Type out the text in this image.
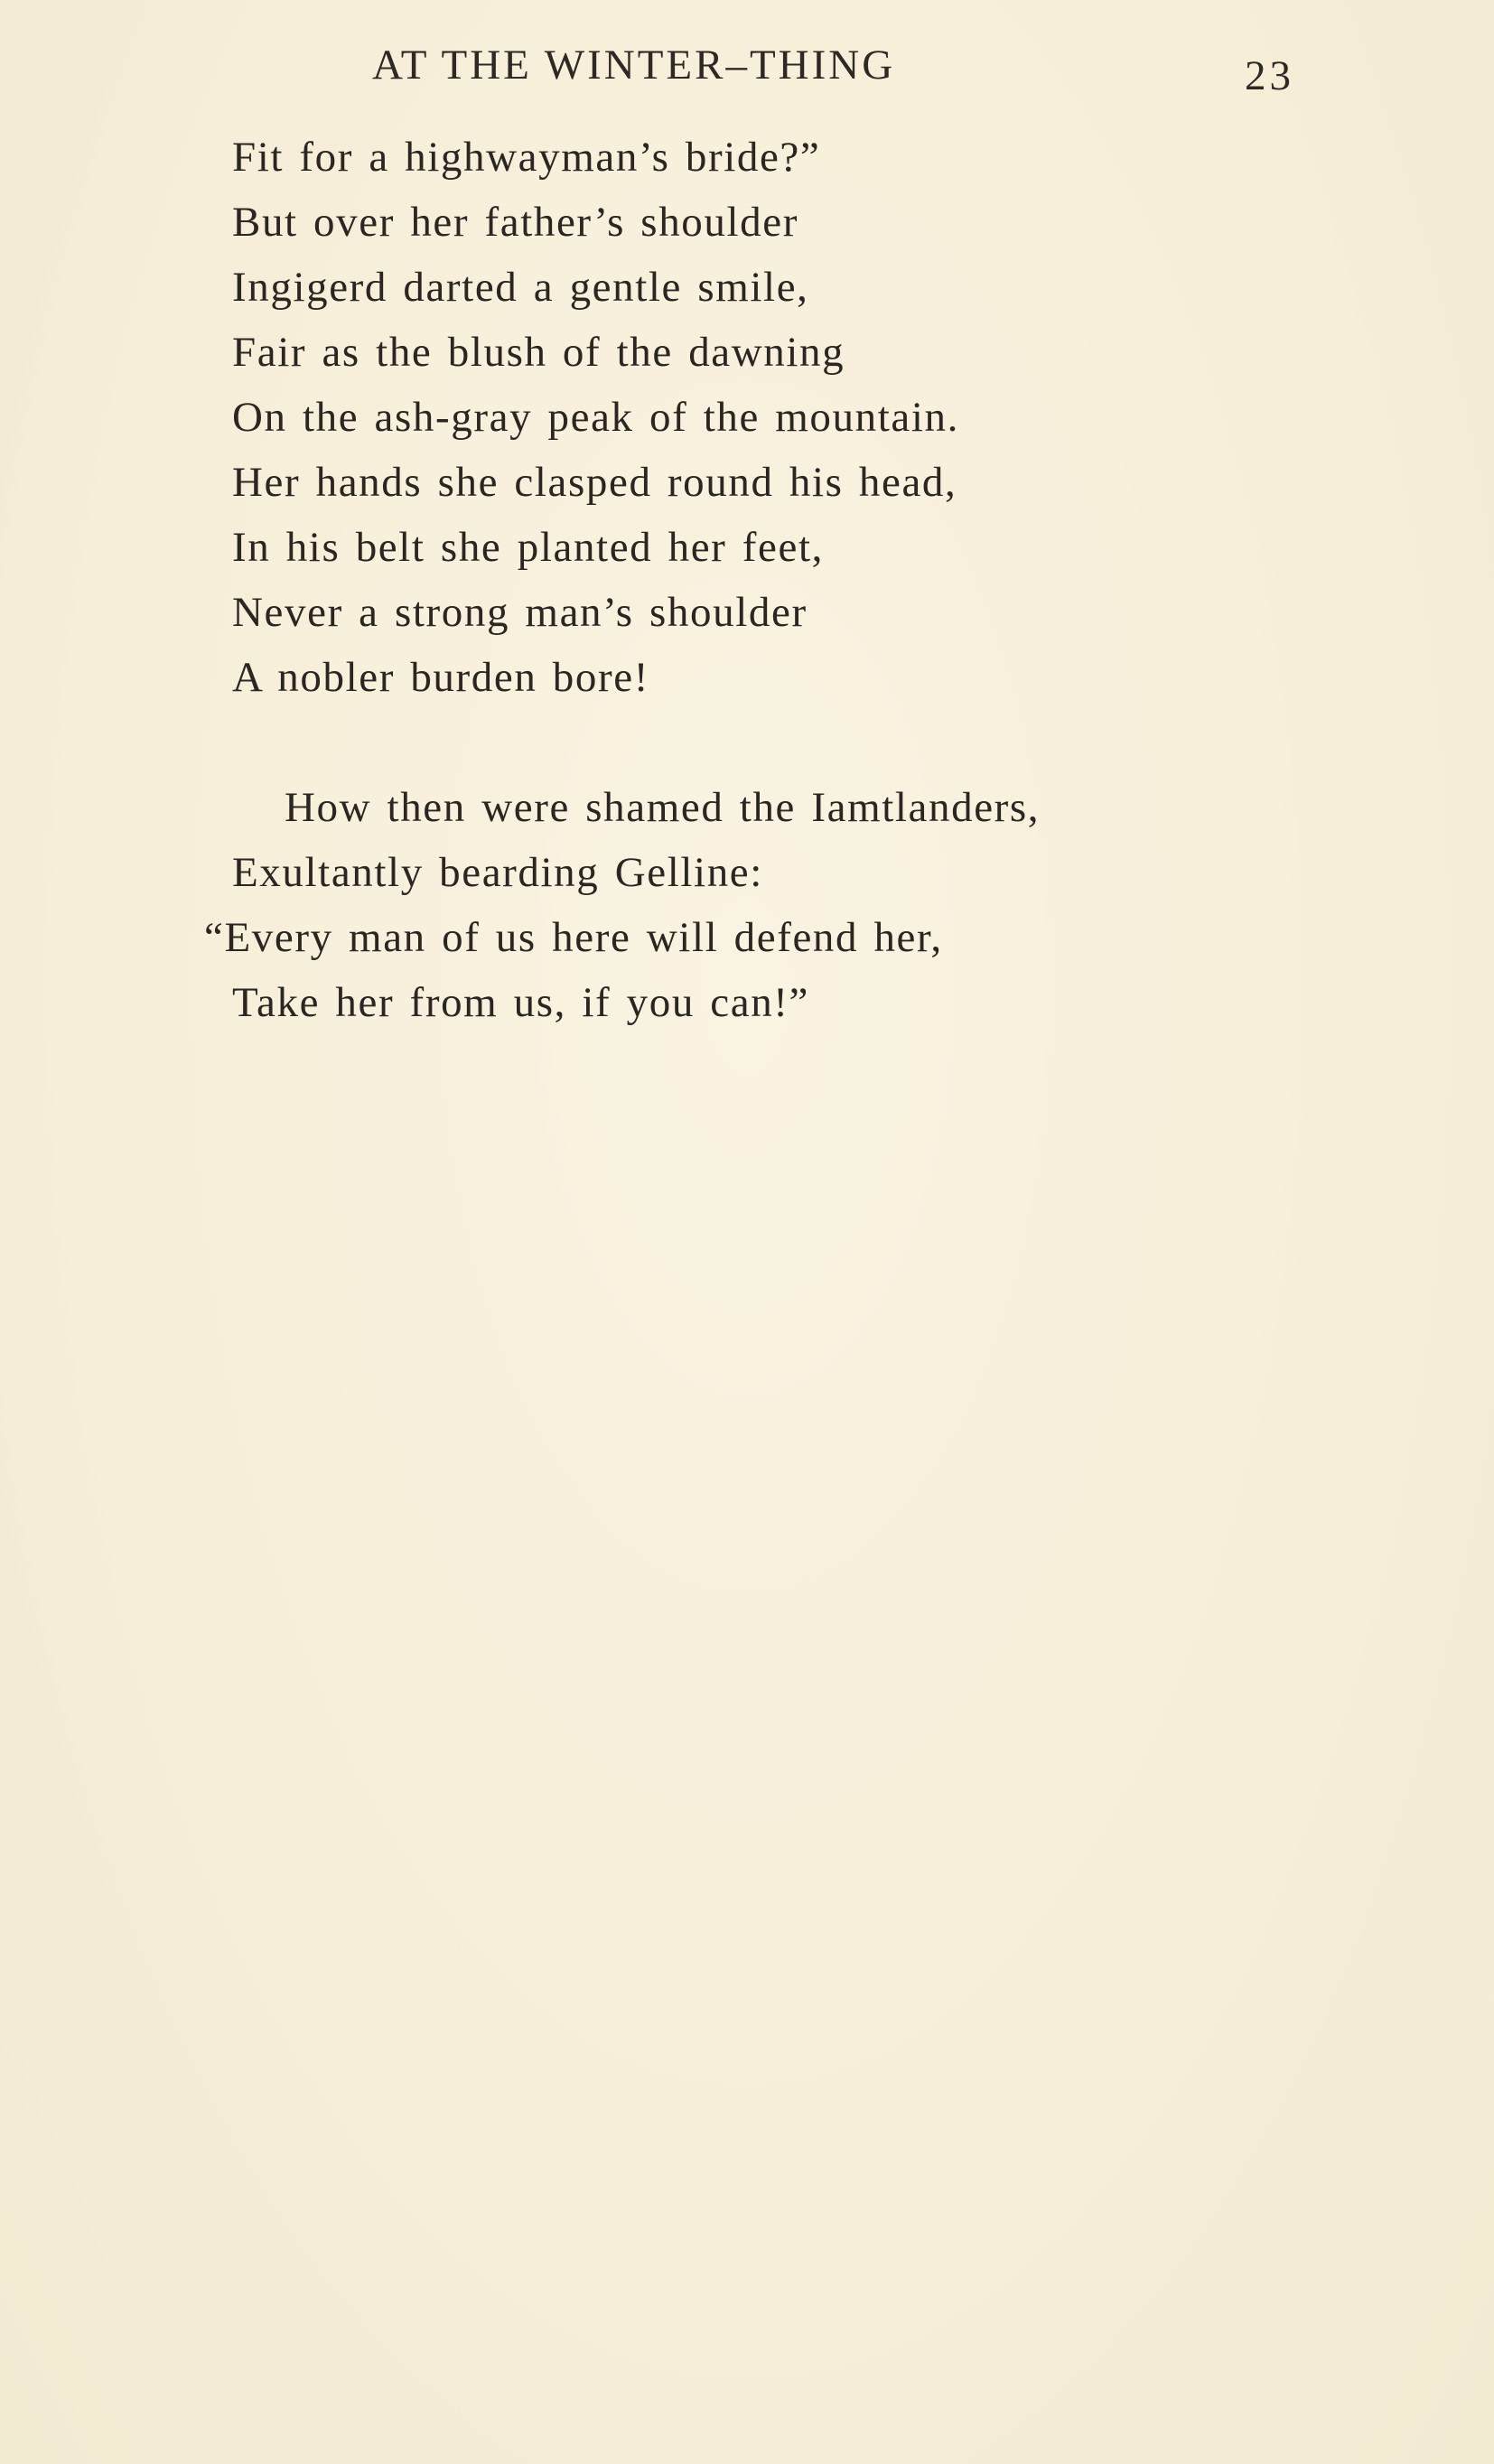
AT THE WINTER–THING	23
Fit for a highwayman’s bride?”
But over her father’s shoulder
Ingigerd darted a gentle smile,
Fair as the blush of the dawning
On the ash-gray peak of the mountain.
Her hands she clasped round his head,
In his belt she planted her feet,
Never a strong man’s shoulder
A nobler burden bore!
How then were shamed the Iamtlanders,
Exultantly bearding Gelline:
“Every man of us here will defend her,
Take her from us, if you can!”
